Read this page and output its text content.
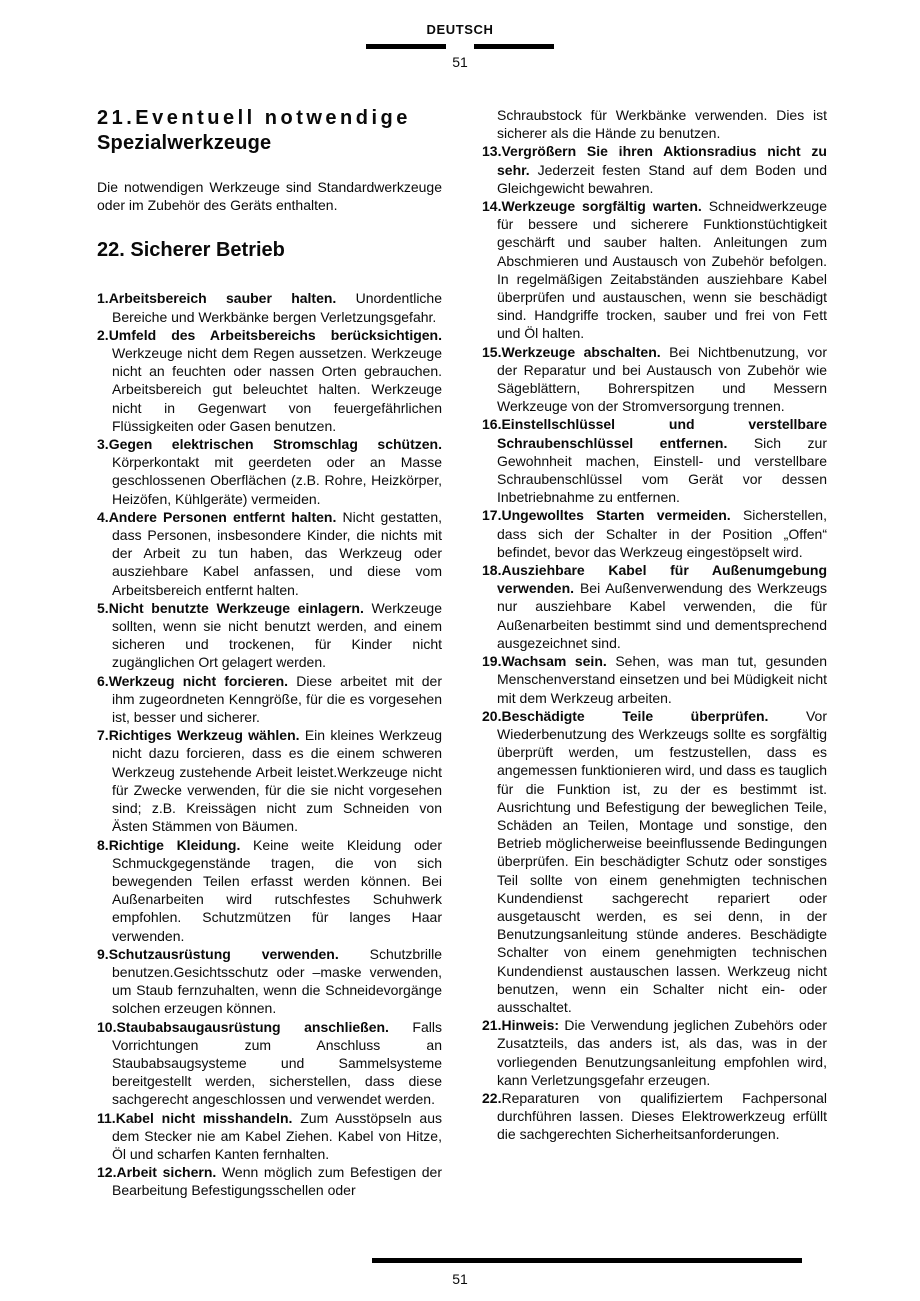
DEUTSCH
51
21.Eventuell notwendige
Spezialwerkzeuge

Die notwendigen Werkzeuge sind Standardwerkzeuge oder im Zubehör des Geräts enthalten.

22. Sicherer Betrieb

1.Arbeitsbereich sauber halten. Unordentliche Bereiche und Werkbänke bergen Verletzungsgefahr.

2.Umfeld des Arbeitsbereichs berücksichtigen. Werkzeuge nicht dem Regen aussetzen. Werkzeuge nicht an feuchten oder nassen Orten gebrauchen. Arbeitsbereich gut beleuchtet halten. Werkzeuge nicht in Gegenwart von feuergefährlichen Flüssigkeiten oder Gasen benutzen.

3.Gegen elektrischen Stromschlag schützen. Körperkontakt mit geerdeten oder an Masse geschlossenen Oberflächen (z.B. Rohre, Heizkörper, Heizöfen, Kühlgeräte) vermeiden.

4.Andere Personen entfernt halten. Nicht gestatten, dass Personen, insbesondere Kinder, die nichts mit der Arbeit zu tun haben, das Werkzeug oder ausziehbare Kabel anfassen, und diese vom Arbeitsbereich entfernt halten.

5.Nicht benutzte Werkzeuge einlagern. Werkzeuge sollten, wenn sie nicht benutzt werden, and einem sicheren und trockenen, für Kinder nicht zugänglichen Ort gelagert werden.

6.Werkzeug nicht forcieren. Diese arbeitet mit der ihm zugeordneten Kenngröße, für die es vorgesehen ist, besser und sicherer.

7.Richtiges Werkzeug wählen. Ein kleines Werkzeug nicht dazu forcieren, dass es die einem schweren Werkzeug zustehende Arbeit leistet.Werkzeuge nicht für Zwecke verwenden, für die sie nicht vorgesehen sind; z.B. Kreissägen nicht zum Schneiden von Ästen Stämmen von Bäumen.

8.Richtige Kleidung. Keine weite Kleidung oder Schmuckgegenstände tragen, die von sich bewegenden Teilen erfasst werden können. Bei Außenarbeiten wird rutschfestes Schuhwerk empfohlen. Schutzmützen für langes Haar verwenden.

9.Schutzausrüstung verwenden. Schutzbrille benutzen.Gesichtsschutz oder –maske verwenden, um Staub fernzuhalten, wenn die Schneidevorgänge solchen erzeugen können.

10.Staubabsaugausrüstung anschließen. Falls Vorrichtungen zum Anschluss an Staubabsaugsysteme und Sammelsysteme bereitgestellt werden, sicherstellen, dass diese sachgerecht angeschlossen und verwendet werden.

11.Kabel nicht misshandeln. Zum Ausstöpseln aus dem Stecker nie am Kabel Ziehen. Kabel von Hitze, Öl und scharfen Kanten fernhalten.

12.Arbeit sichern. Wenn möglich zum Befestigen der Bearbeitung Befestigungsschellen oder

Schraubstock für Werkbänke verwenden. Dies ist sicherer als die Hände zu benutzen.

13.Vergrößern Sie ihren Aktionsradius nicht zu sehr. Jederzeit festen Stand auf dem Boden und Gleichgewicht bewahren.

14.Werkzeuge sorgfältig warten. Schneidwerkzeuge für bessere und sicherere Funktionstüchtigkeit geschärft und sauber halten. Anleitungen zum Abschmieren und Austausch von Zubehör befolgen. In regelmäßigen Zeitabständen ausziehbare Kabel überprüfen und austauschen, wenn sie beschädigt sind. Handgriffe trocken, sauber und frei von Fett und Öl halten.

15.Werkzeuge abschalten. Bei Nichtbenutzung, vor der Reparatur und bei Austausch von Zubehör wie Sägeblättern, Bohrerspitzen und Messern Werkzeuge von der Stromversorgung trennen.

16.Einstellschlüssel und verstellbare Schraubenschlüssel entfernen. Sich zur Gewohnheit machen, Einstell- und verstellbare Schraubenschlüssel vom Gerät vor dessen Inbetriebnahme zu entfernen.

17.Ungewolltes Starten vermeiden. Sicherstellen, dass sich der Schalter in der Position „Offen“ befindet, bevor das Werkzeug eingestöpselt wird.

18.Ausziehbare Kabel für Außenumgebung verwenden. Bei Außenverwendung des Werkzeugs nur ausziehbare Kabel verwenden, die für Außenarbeiten bestimmt sind und dementsprechend ausgezeichnet sind.

19.Wachsam sein. Sehen, was man tut, gesunden Menschenverstand einsetzen und bei Müdigkeit nicht mit dem Werkzeug arbeiten.

20.Beschädigte Teile überprüfen. Vor Wiederbenutzung des Werkzeugs sollte es sorgfältig überprüft werden, um festzustellen, dass es angemessen funktionieren wird, und dass es tauglich für die Funktion ist, zu der es bestimmt ist. Ausrichtung und Befestigung der beweglichen Teile, Schäden an Teilen, Montage und sonstige, den Betrieb möglicherweise beeinflussende Bedingungen überprüfen. Ein beschädigter Schutz oder sonstiges Teil sollte von einem genehmigten technischen Kundendienst sachgerecht repariert oder ausgetauscht werden, es sei denn, in der Benutzungsanleitung stünde anderes. Beschädigte Schalter von einem genehmigten technischen Kundendienst austauschen lassen. Werkzeug nicht benutzen, wenn ein Schalter nicht ein- oder ausschaltet.

21.Hinweis: Die Verwendung jeglichen Zubehörs oder Zusatzteils, das anders ist, als das, was in der vorliegenden Benutzungsanleitung empfohlen wird, kann Verletzungsgefahr erzeugen.

22.Reparaturen von qualifiziertem Fachpersonal durchführen lassen. Dieses Elektrowerkzeug erfüllt die sachgerechten Sicherheitsanforderungen.

51
